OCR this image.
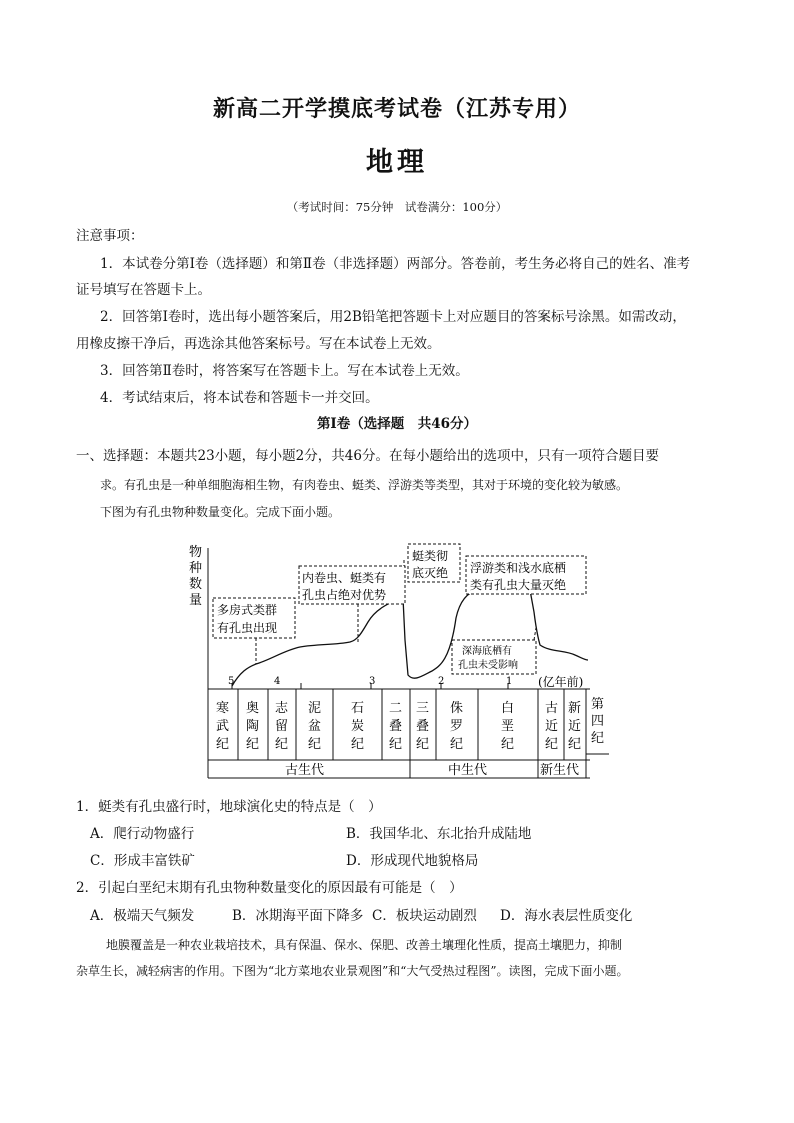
新高二开学摸底考试卷（江苏专用）
地理
（考试时间：75分钟　试卷满分：100分）
注意事项：
1．本试卷分第Ⅰ卷（选择题）和第Ⅱ卷（非选择题）两部分。答卷前，考生务必将自己的姓名、准考
证号填写在答题卡上。
2．回答第Ⅰ卷时，选出每小题答案后，用2B铅笔把答题卡上对应题目的答案标号涂黑。如需改动，
用橡皮擦干净后，再选涂其他答案标号。写在本试卷上无效。
3．回答第Ⅱ卷时，将答案写在答题卡上。写在本试卷上无效。
4．考试结束后，将本试卷和答题卡一并交回。
第Ⅰ卷（选择题　共46分）
一、选择题：本题共23小题，每小题2分，共46分。在每小题给出的选项中，只有一项符合题目要
求。有孔虫是一种单细胞海相生物，有肉卷虫、蜓类、浮游类等类型，其对于环境的变化较为敏感。
下图为有孔虫物种数量变化。完成下面小题。
物
种
数
量
5	4	3	2	1 (亿年前)
多房式类群
有孔虫出现
内卷虫、蜓类有
孔虫占绝对优势
蜓类彻
底灭绝 浮游类和浅水底栖
类有孔虫大量灭绝
深海底栖有
孔虫未受影响
寒
武
纪
奥
陶
纪
志
留
纪
泥
盆
纪
石
炭
纪
二
叠
纪
三
叠
纪
侏
罗
纪
白
垩
纪
古
近
纪
新
近
纪
第
四
纪
古生代	中生代	新生代
1．蜓类有孔虫盛行时，地球演化史的特点是（　）
A．爬行动物盛行	B．我国华北、东北抬升成陆地
C．形成丰富铁矿	D．形成现代地貌格局
2．引起白垩纪末期有孔虫物种数量变化的原因最有可能是（　）
A．极端天气频发	B．冰期海平面下降多 C．板块运动剧烈 D．海水表层性质变化
地膜覆盖是一种农业栽培技术，具有保温、保水、保肥、改善土壤理化性质，提高土壤肥力，抑制
杂草生长，减轻病害的作用。下图为“北方菜地农业景观图”和“大气受热过程图”。读图，完成下面小题。
